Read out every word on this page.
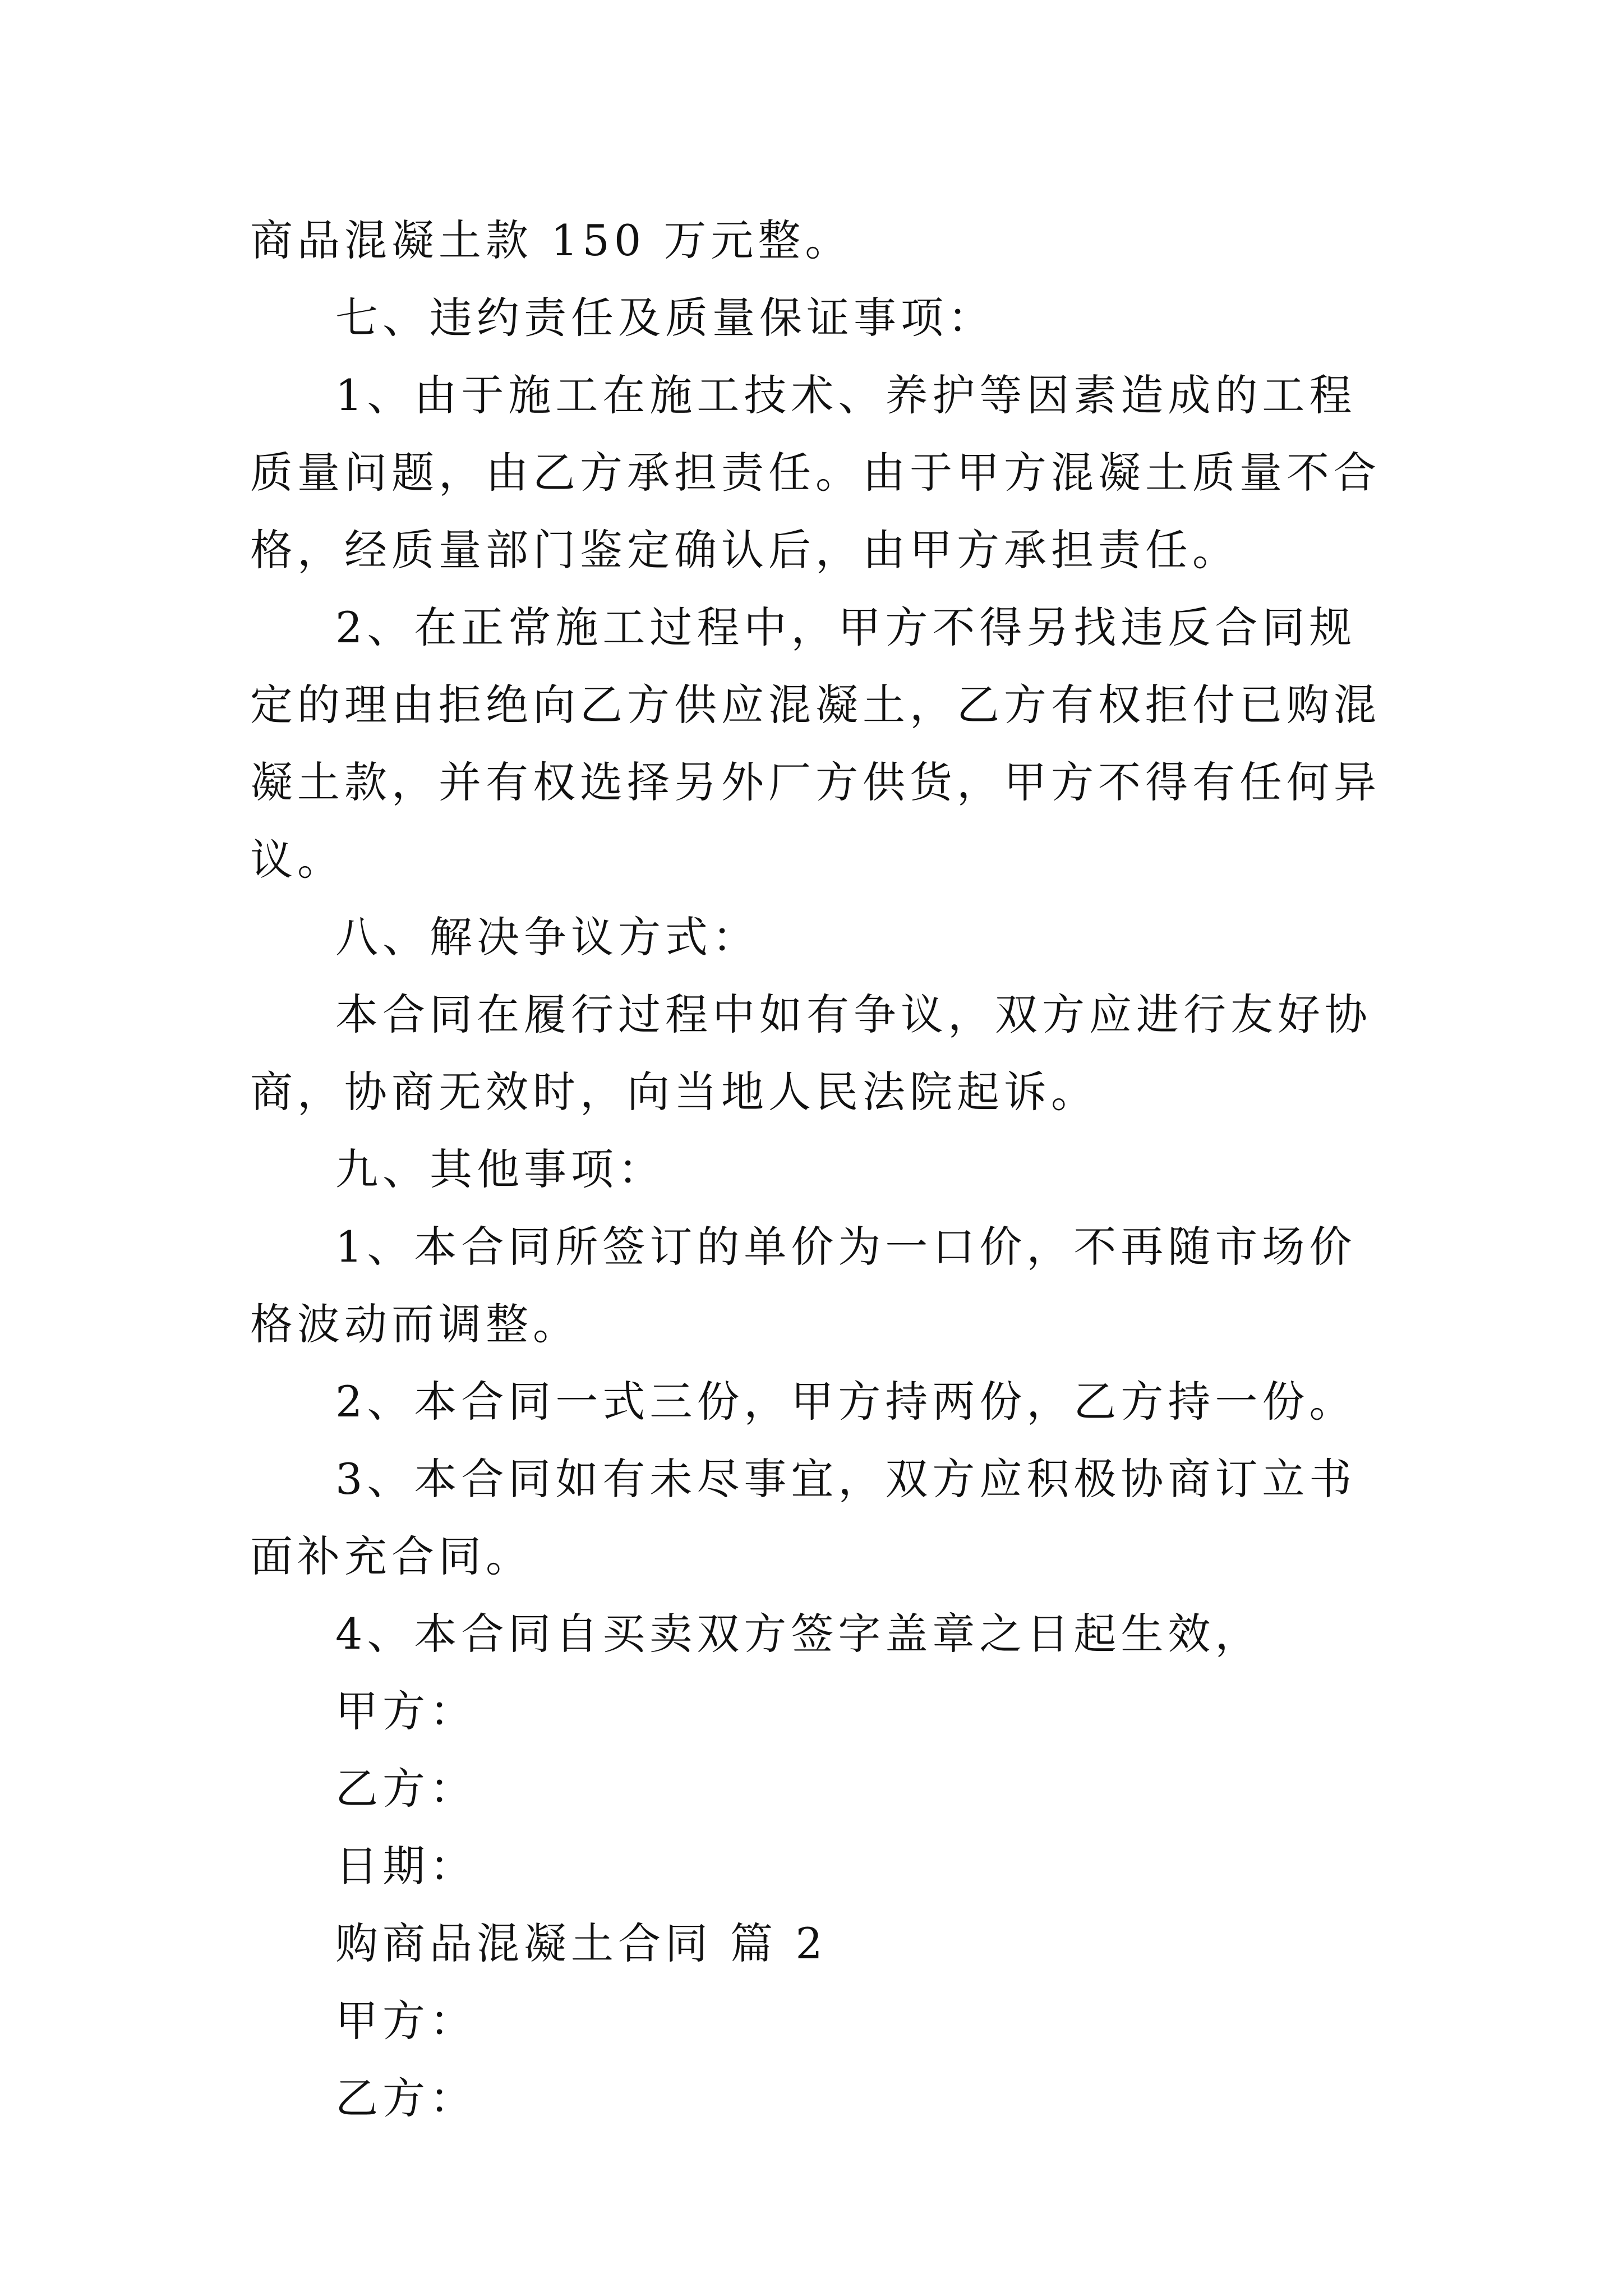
商品混凝土款 150 万元整。

七、违约责任及质量保证事项：

1、由于施工在施工技术、养护等因素造成的工程质量问题，由乙方承担责任。由于甲方混凝土质量不合格，经质量部门鉴定确认后，由甲方承担责任。

2、在正常施工过程中，甲方不得另找违反合同规定的理由拒绝向乙方供应混凝土，乙方有权拒付已购混凝土款，并有权选择另外厂方供货，甲方不得有任何异议。

八、解决争议方式：

本合同在履行过程中如有争议，双方应进行友好协商，协商无效时，向当地人民法院起诉。

九、其他事项：

1、本合同所签订的单价为一口价，不再随市场价格波动而调整。

2、本合同一式三份，甲方持两份，乙方持一份。

3、本合同如有未尽事宜，双方应积极协商订立书面补充合同。

4、本合同自买卖双方签字盖章之日起生效，

甲方：

乙方：

日期：

购商品混凝土合同 篇 2

甲方：

乙方：
